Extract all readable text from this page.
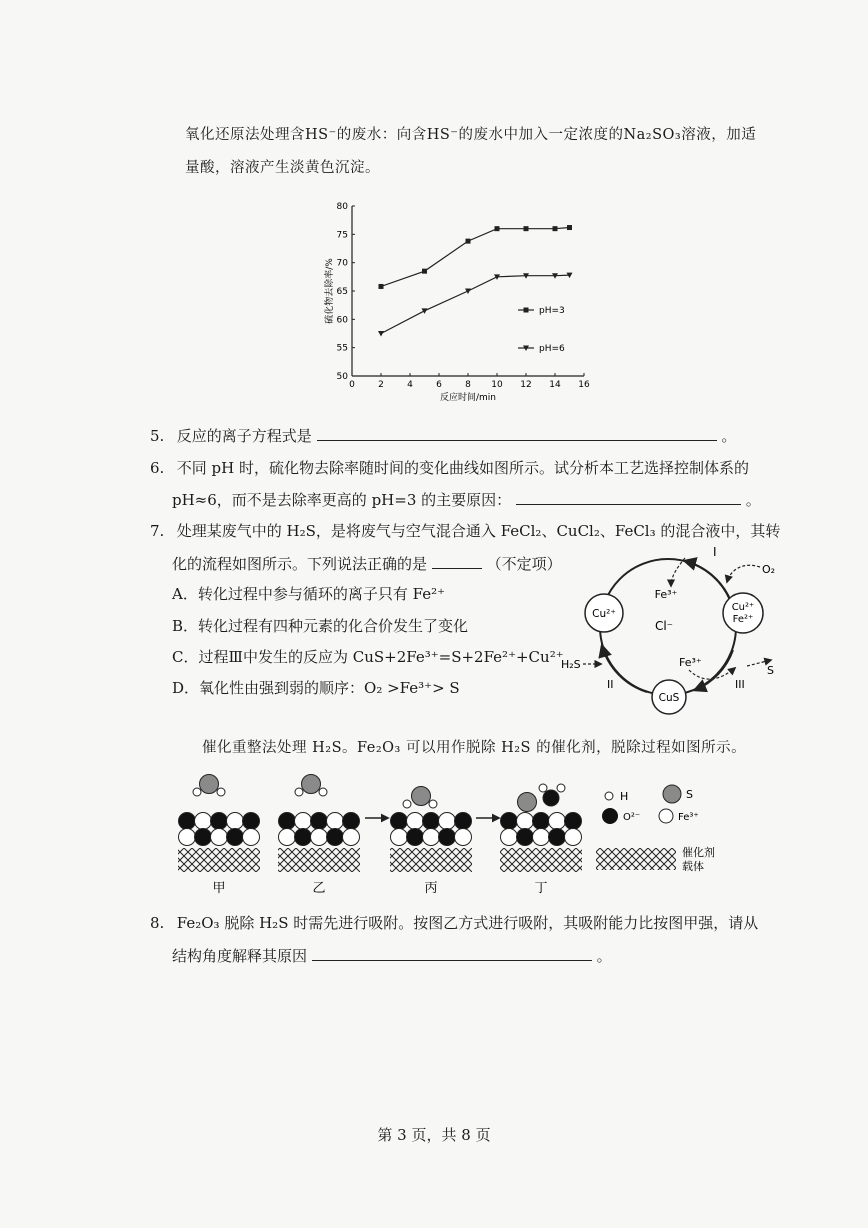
氧化还原法处理含HS⁻的废水：向含HS⁻的废水中加入一定浓度的Na₂SO₃溶液，加适
量酸，溶液产生淡黄色沉淀。
0	2	4	6	8 10 12 14 16
50
55
60
65
70
75
80
反应时间/min
硫化物去除率/%	pH=3
pH=6
5. 反应的离子方程式是	。
6. 不同 pH 时，硫化物去除率随时间的变化曲线如图所示。试分析本工艺选择控制体系的
pH≈6，而不是去除率更高的 pH=3 的主要原因：	。
7. 处理某废气中的 H₂S，是将废气与空气混合通入 FeCl₂、CuCl₂、FeCl₃ 的混合液中，其转
化的流程如图所示。下列说法正确的是	（不定项）
A．转化过程中参与循环的离子只有 Fe²⁺
B．转化过程有四种元素的化合价发生了变化
C．过程Ⅲ中发生的反应为 CuS+2Fe³⁺=S+2Fe²⁺+Cu²⁺
D．氧化性由强到弱的顺序：O₂ >Fe³⁺> S
Cu²⁺
Cu²⁺
Fe²⁺
CuS
Cl⁻
Fe³⁺
I
O₂
H₂S
II
Fe³⁺
III
S
催化重整法处理 H₂S。Fe₂O₃ 可以用作脱除 H₂S 的催化剂，脱除过程如图所示。
甲	乙	丙	丁
H	S
O²⁻	Fe³⁺
催化剂
载体
8. Fe₂O₃ 脱除 H₂S 时需先进行吸附。按图乙方式进行吸附，其吸附能力比按图甲强，请从
结构角度解释其原因	。
第 3 页，共 8 页
